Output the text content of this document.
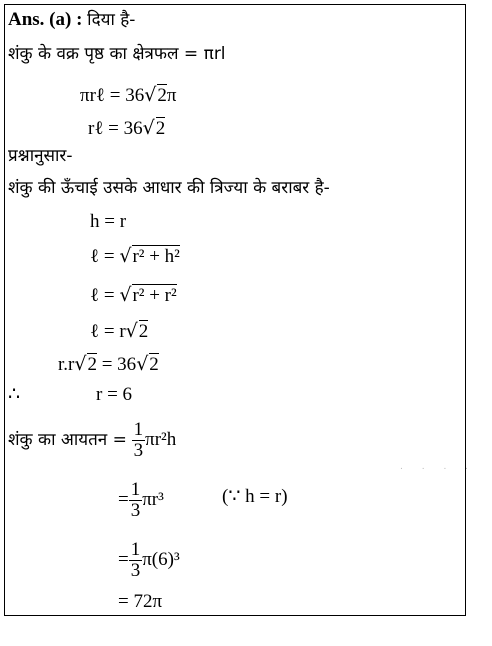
Ans. (a) : दिया है-
शंकु के वक्र पृष्ठ का क्षेत्रफल = πrl
πrℓ = 36√2π
rℓ = 36√2
प्रश्नानुसार-
शंकु की ऊँचाई उसके आधार की त्रिज्या के बराबर है-
h = r
ℓ = √r² + h²
ℓ = √r² + r²
ℓ = r√2
r.r√2 = 36√2
∴	r = 6
शंकु का आयतन = $\frac{1}{3} \pi r^2h$
. . . .
= $\frac{1}{3} \pi r^3$	(∵ h = r)
= $\frac{1}{3} \pi(6)^3$
= 72π
